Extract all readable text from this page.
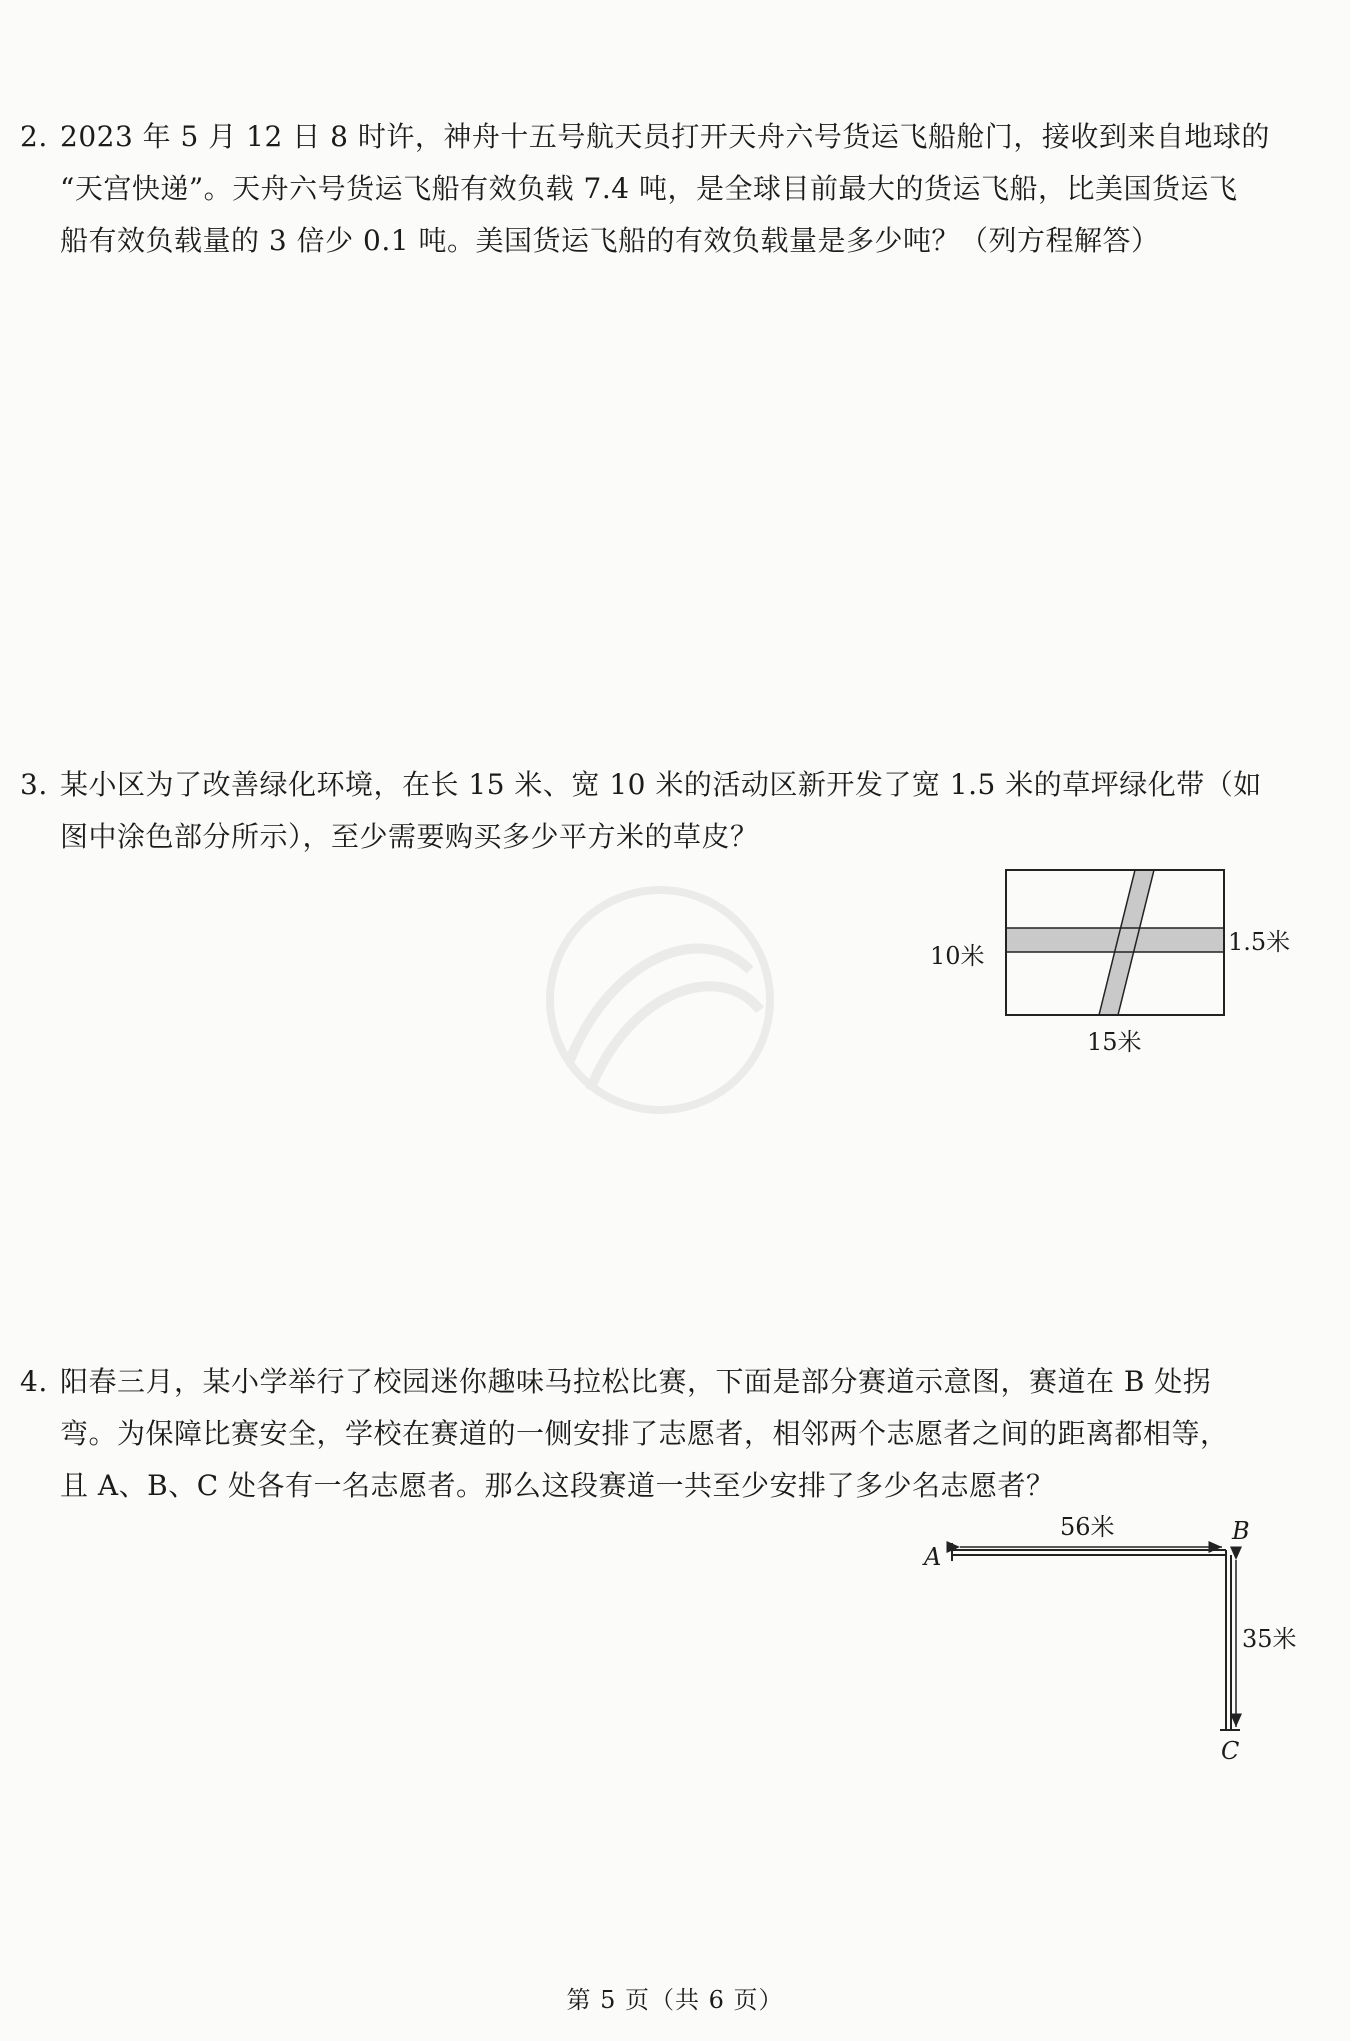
2. 2023 年 5 月 12 日 8 时许，神舟十五号航天员打开天舟六号货运飞船舱门，接收到来自地球的
“天宫快递”。天舟六号货运飞船有效负载 7.4 吨，是全球目前最大的货运飞船，比美国货运飞
船有效负载量的 3 倍少 0.1 吨。美国货运飞船的有效负载量是多少吨？（列方程解答）
3. 某小区为了改善绿化环境，在长 15 米、宽 10 米的活动区新开发了宽 1.5 米的草坪绿化带（如
图中涂色部分所示），至少需要购买多少平方米的草皮？
10米	1.5米
15米
4. 阳春三月，某小学举行了校园迷你趣味马拉松比赛，下面是部分赛道示意图，赛道在 B 处拐
弯。为保障比赛安全，学校在赛道的一侧安排了志愿者，相邻两个志愿者之间的距离都相等，
且 A、B、C 处各有一名志愿者。那么这段赛道一共至少安排了多少名志愿者？
A
B
C
56米
35米
第 5 页（共 6 页）
